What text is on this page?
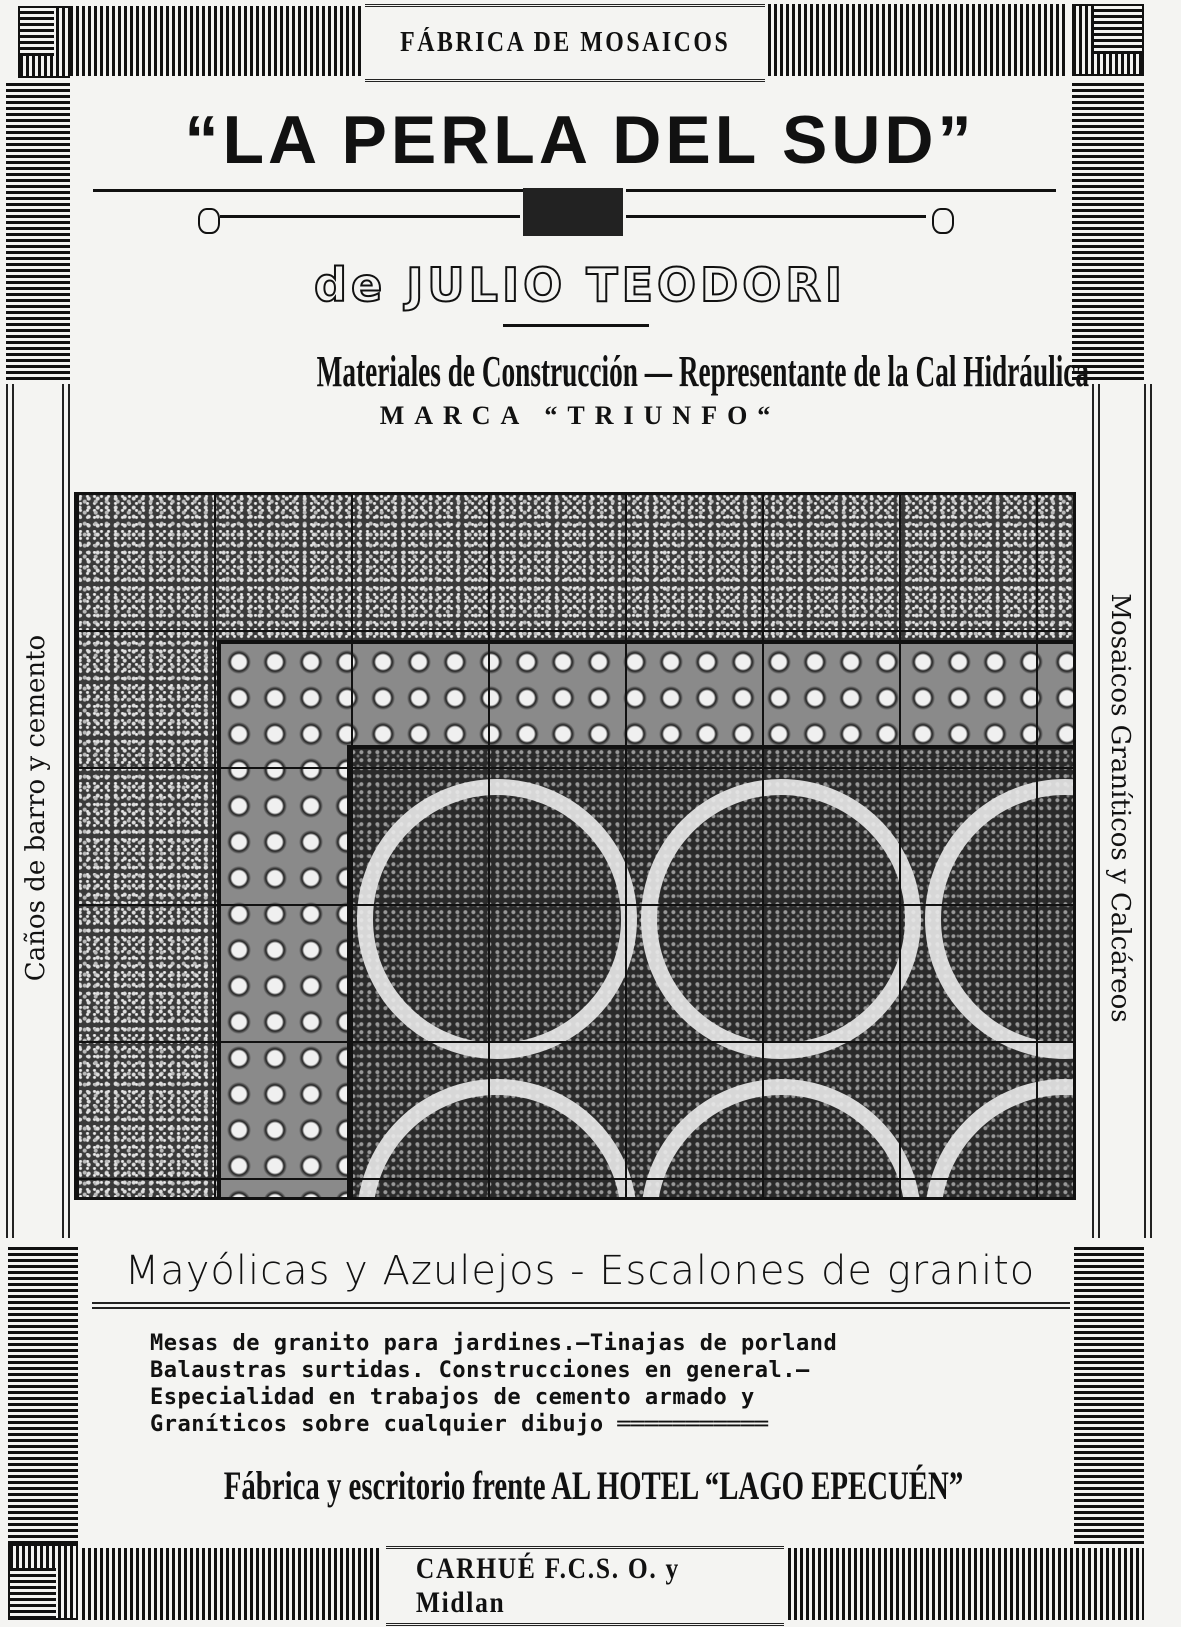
FÁBRICA DE MOSAICOS
Caños de barro y cemento	Mosaicos Graníticos y Calcáreos
“LA PERLA DEL SUD”
de JULIO TEODORI
Materiales de Construcción — Representante de la Cal Hidráulica
MARCA “TRIUNFO“
Mayólicas y Azulejos - Escalones de granito
Mesas de granito para jardines.—Tinajas de porland
Balaustras surtidas. Construcciones en general.—
Especialidad en trabajos de cemento armado y
Graníticos sobre cualquier dibujo ═══════════
Fábrica y escritorio frente AL HOTEL “LAGO EPECUÉN”
CARHUÉ F.C.S. O. y Midlan
